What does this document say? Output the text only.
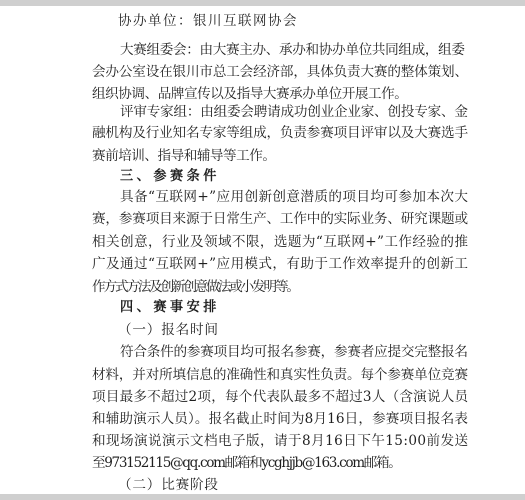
协办单位：银川互联网协会
大赛组委会：由大赛主办、承办和协办单位共同组成，组委
会办公室设在银川市总工会经济部，具体负责大赛的整体策划、
组织协调、品牌宣传以及指导大赛承办单位开展工作。
评审专家组：由组委会聘请成功创业企业家、创投专家、金
融机构及行业知名专家等组成，负责参赛项目评审以及大赛选手
赛前培训、指导和辅导等工作。
三、参赛条件
具备“互联网+”应用创新创意潜质的项目均可参加本次大
赛，参赛项目来源于日常生产、工作中的实际业务、研究课题或
相关创意，行业及领域不限，选题为“互联网+”工作经验的推
广及通过“互联网+”应用模式，有助于工作效率提升的创新工
作方式方法及创新创意做法或小发明等。
四、赛事安排
（一）报名时间
符合条件的参赛项目均可报名参赛，参赛者应提交完整报名
材料，并对所填信息的准确性和真实性负责。每个参赛单位竞赛
项目最多不超过2项，每个代表队最多不超过3人（含演说人员
和辅助演示人员）。报名截止时间为8月16日，参赛项目报名表
和现场演说演示文档电子版，请于8月16日下午15:00前发送
至973152115@qq.com邮箱和ycghjjb@163.com邮箱。
（二）比赛阶段
